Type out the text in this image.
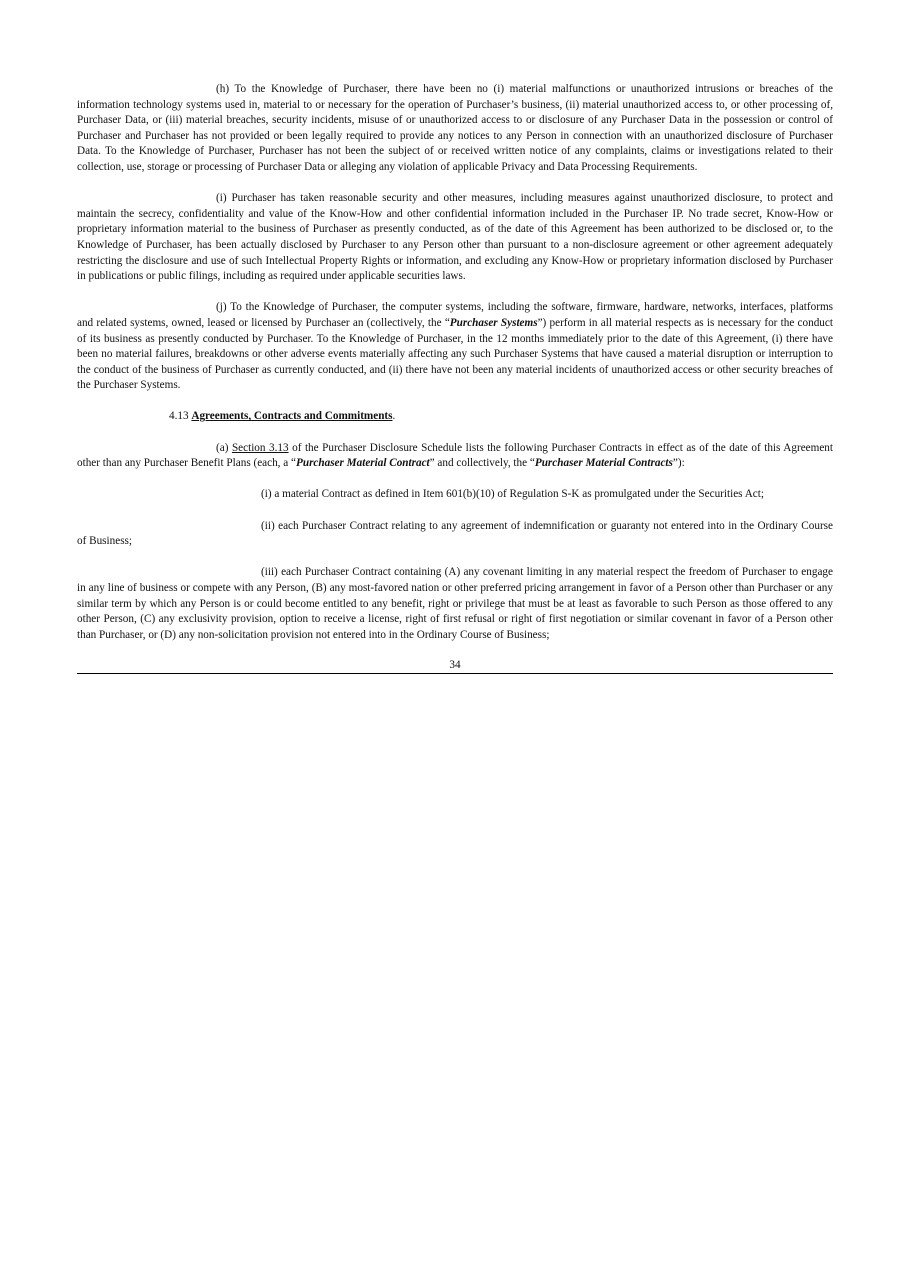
(h) To the Knowledge of Purchaser, there have been no (i) material malfunctions or unauthorized intrusions or breaches of the information technology systems used in, material to or necessary for the operation of Purchaser’s business, (ii) material unauthorized access to, or other processing of, Purchaser Data, or (iii) material breaches, security incidents, misuse of or unauthorized access to or disclosure of any Purchaser Data in the possession or control of Purchaser and Purchaser has not provided or been legally required to provide any notices to any Person in connection with an unauthorized disclosure of Purchaser Data. To the Knowledge of Purchaser, Purchaser has not been the subject of or received written notice of any complaints, claims or investigations related to their collection, use, storage or processing of Purchaser Data or alleging any violation of applicable Privacy and Data Processing Requirements.

(i) Purchaser has taken reasonable security and other measures, including measures against unauthorized disclosure, to protect and maintain the secrecy, confidentiality and value of the Know-How and other confidential information included in the Purchaser IP. No trade secret, Know-How or proprietary information material to the business of Purchaser as presently conducted, as of the date of this Agreement has been authorized to be disclosed or, to the Knowledge of Purchaser, has been actually disclosed by Purchaser to any Person other than pursuant to a non-disclosure agreement or other agreement adequately restricting the disclosure and use of such Intellectual Property Rights or information, and excluding any Know-How or proprietary information disclosed by Purchaser in publications or public filings, including as required under applicable securities laws.

(j) To the Knowledge of Purchaser, the computer systems, including the software, firmware, hardware, networks, interfaces, platforms and related systems, owned, leased or licensed by Purchaser an (collectively, the “Purchaser Systems”) perform in all material respects as is necessary for the conduct of its business as presently conducted by Purchaser. To the Knowledge of Purchaser, in the 12 months immediately prior to the date of this Agreement, (i) there have been no material failures, breakdowns or other adverse events materially affecting any such Purchaser Systems that have caused a material disruption or interruption to the conduct of the business of Purchaser as currently conducted, and (ii) there have not been any material incidents of unauthorized access or other security breaches of the Purchaser Systems.

4.13 Agreements, Contracts and Commitments.

(a) Section 3.13 of the Purchaser Disclosure Schedule lists the following Purchaser Contracts in effect as of the date of this Agreement other than any Purchaser Benefit Plans (each, a “Purchaser Material Contract” and collectively, the “Purchaser Material Contracts”):

(i) a material Contract as defined in Item 601(b)(10) of Regulation S-K as promulgated under the Securities Act;

(ii) each Purchaser Contract relating to any agreement of indemnification or guaranty not entered into in the Ordinary Course of Business;

(iii) each Purchaser Contract containing (A) any covenant limiting in any material respect the freedom of Purchaser to engage in any line of business or compete with any Person, (B) any most-favored nation or other preferred pricing arrangement in favor of a Person other than Purchaser or any similar term by which any Person is or could become entitled to any benefit, right or privilege that must be at least as favorable to such Person as those offered to any other Person, (C) any exclusivity provision, option to receive a license, right of first refusal or right of first negotiation or similar covenant in favor of a Person other than Purchaser, or (D) any non-solicitation provision not entered into in the Ordinary Course of Business;

34
